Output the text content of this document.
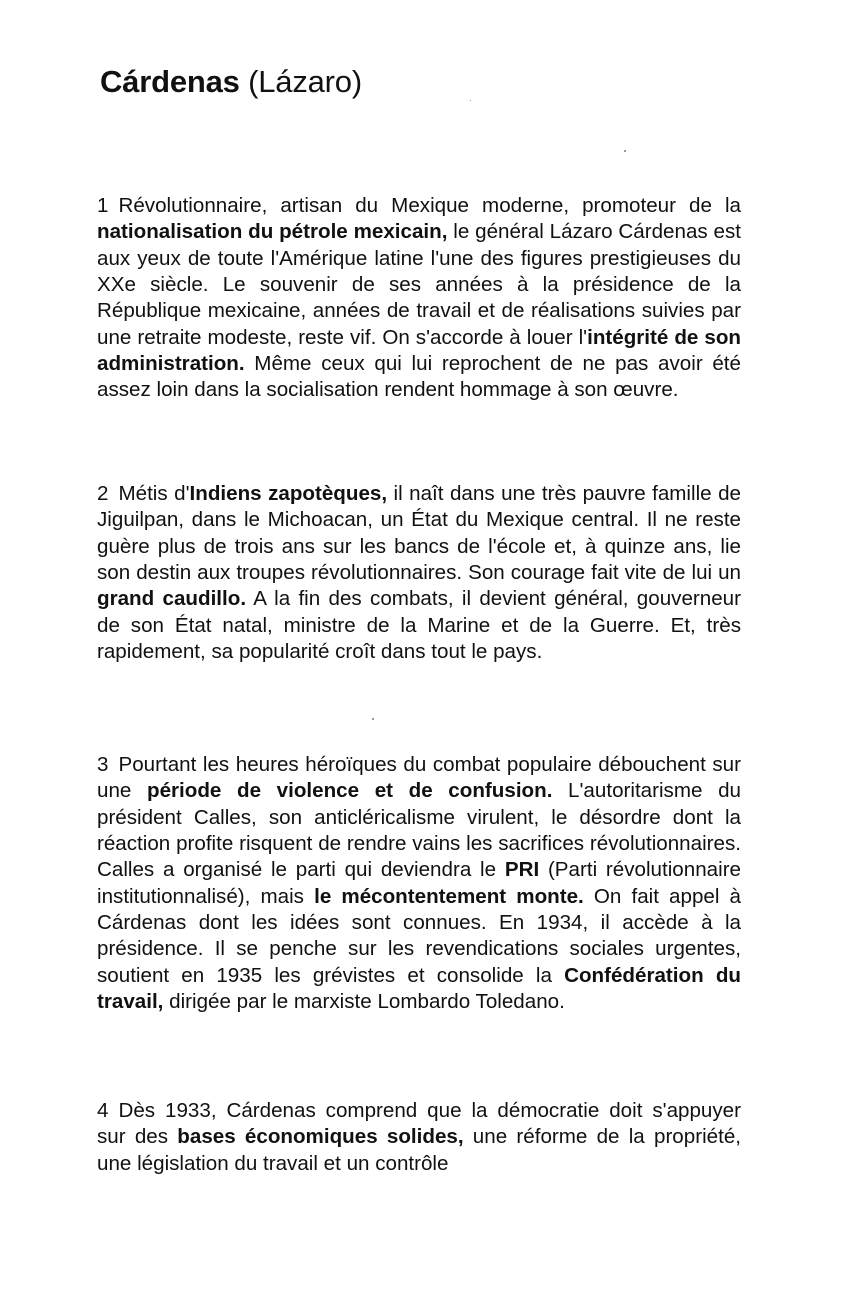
Cárdenas (Lázaro)

1 Révolutionnaire, artisan du Mexique moderne, promoteur de la nationalisation du pétrole mexicain, le général Lázaro Cárdenas est aux yeux de toute l'Amérique latine l'une des figures prestigieuses du XXe siècle. Le souvenir de ses années à la présidence de la République mexicaine, années de travail et de réalisations suivies par une retraite modeste, reste vif. On s'accorde à louer l'intégrité de son administration. Même ceux qui lui reprochent de ne pas avoir été assez loin dans la socialisation rendent hommage à son œuvre.

2 Métis d'Indiens zapotèques, il naît dans une très pauvre famille de Jiguilpan, dans le Michoacan, un État du Mexique central. Il ne reste guère plus de trois ans sur les bancs de l'école et, à quinze ans, lie son destin aux troupes révolutionnaires. Son courage fait vite de lui un grand caudillo. A la fin des combats, il devient général, gouverneur de son État natal, ministre de la Marine et de la Guerre. Et, très rapidement, sa popularité croît dans tout le pays.

3 Pourtant les heures héroïques du combat populaire débouchent sur une période de violence et de confusion. L'autoritarisme du président Calles, son anticléricalisme virulent, le désordre dont la réaction profite risquent de rendre vains les sacrifices révolutionnaires. Calles a organisé le parti qui deviendra le PRI (Parti révolutionnaire institutionnalisé), mais le mécontentement monte. On fait appel à Cárdenas dont les idées sont connues. En 1934, il accède à la présidence. Il se penche sur les revendications sociales urgentes, soutient en 1935 les grévistes et consolide la Confédération du travail, dirigée par le marxiste Lombardo Toledano.

4 Dès 1933, Cárdenas comprend que la démocratie doit s'appuyer sur des bases économiques solides, une réforme de la propriété, une législation du travail et un contrôle
